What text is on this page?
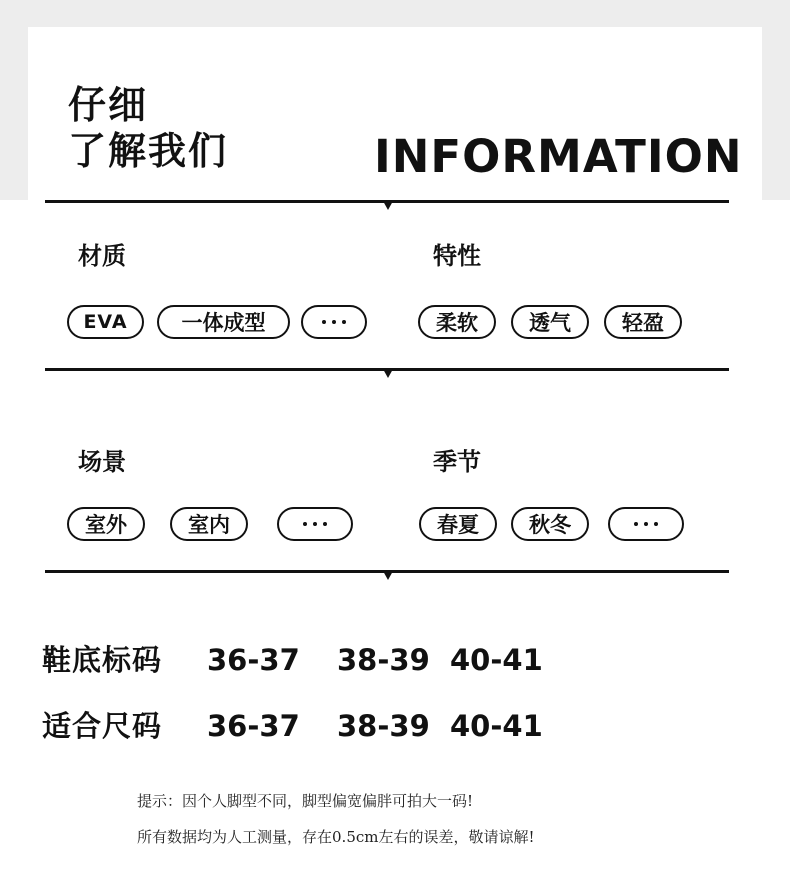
仔细
了解我们	INFORMATION
材质	特性
EVA	一体成型	柔软	透气	轻盈
场景	季节
室外	室内	春夏	秋冬
鞋底标码 36-37 38-39 40-41
适合尺码 36-37 38-39 40-41
提示：因个人脚型不同，脚型偏宽偏胖可拍大一码!
所有数据均为人工测量，存在0.5cm左右的误差，敬请谅解!
